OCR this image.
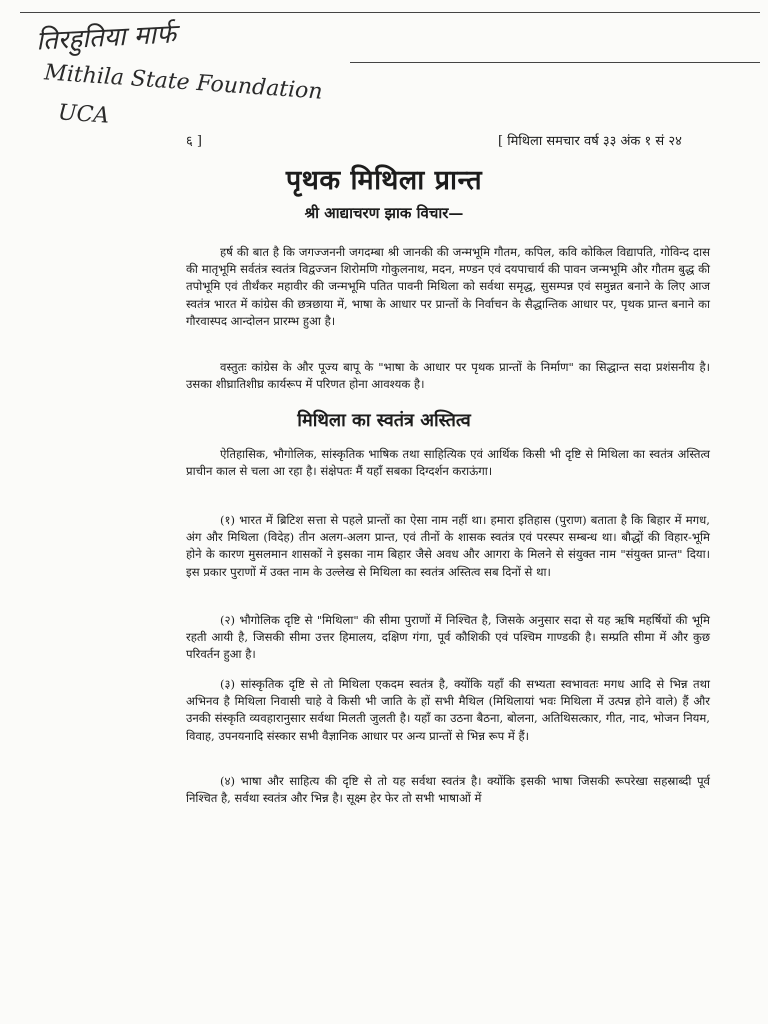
तिरहुतिया मार्फ
Mithila State Foundation
UCA
६ ]	[ मिथिला समचार वर्ष ३३ अंक १ सं २४
पृथक मिथिला प्रान्त
श्री आद्याचरण झाक विचार—

हर्ष की बात है कि जगज्जननी जगदम्बा श्री जानकी की जन्मभूमि गौतम, कपिल, कवि कोकिल विद्यापति, गोविन्द दास की मातृभूमि सर्वतंत्र स्वतंत्र विद्वज्जन शिरोमणि गोकुलनाथ, मदन, मण्डन एवं दयपाचार्य की पावन जन्मभूमि और गौतम बुद्ध की तपोभूमि एवं तीर्थंकर महावीर की जन्मभूमि पतित पावनी मिथिला को सर्वथा समृद्ध, सुसम्पन्न एवं समुन्नत बनाने के लिए आज स्वतंत्र भारत में कांग्रेस की छत्रछाया में, भाषा के आधार पर प्रान्तों के निर्वाचन के सैद्धान्तिक आधार पर, पृथक प्रान्त बनाने का गौरवास्पद आन्दोलन प्रारम्भ हुआ है।

वस्तुतः कांग्रेस के और पूज्य बापू के "भाषा के आधार पर पृथक प्रान्तों के निर्माण" का सिद्धान्त सदा प्रशंसनीय है। उसका शीघ्रातिशीघ्र कार्यरूप में परिणत होना आवश्यक है।

मिथिला का स्वतंत्र अस्तित्व

ऐतिहासिक, भौगोलिक, सांस्कृतिक भाषिक तथा साहित्यिक एवं आर्थिक किसी भी दृष्टि से मिथिला का स्वतंत्र अस्तित्व प्राचीन काल से चला आ रहा है। संक्षेपतः मैं यहाँ सबका दिग्दर्शन कराऊंगा।

(१) भारत में ब्रिटिश सत्ता से पहले प्रान्तों का ऐसा नाम नहीं था। हमारा इतिहास (पुराण) बताता है कि बिहार में मगध, अंग और मिथिला (विदेह) तीन अलग-अलग प्रान्त, एवं तीनों के शासक स्वतंत्र एवं परस्पर सम्बन्ध था। बौद्धों की विहार-भूमि होने के कारण मुसलमान शासकों ने इसका नाम बिहार जैसे अवध और आगरा के मिलने से संयुक्त नाम "संयुक्त प्रान्त" दिया। इस प्रकार पुराणों में उक्त नाम के उल्लेख से मिथिला का स्वतंत्र अस्तित्व सब दिनों से था।

(२) भौगोलिक दृष्टि से "मिथिला" की सीमा पुराणों में निश्चित है, जिसके अनुसार सदा से यह ऋषि महर्षियों की भूमि रहती आयी है, जिसकी सीमा उत्तर हिमालय, दक्षिण गंगा, पूर्व कौशिकी एवं पश्चिम गाण्डकी है। सम्प्रति सीमा में और कुछ परिवर्तन हुआ है।

(३) सांस्कृतिक दृष्टि से तो मिथिला एकदम स्वतंत्र है, क्योंकि यहाँ की सभ्यता स्वभावतः मगध आदि से भिन्न तथा अभिनव है मिथिला निवासी चाहे वे किसी भी जाति के हों सभी मैथिल (मिथिलायां भवः मिथिला में उत्पन्न होने वाले) हैं और उनकी संस्कृति व्यवहारानुसार सर्वथा मिलती जुलती है। यहाँ का उठना बैठना, बोलना, अतिथिसत्कार, गीत, नाद, भोजन नियम, विवाह, उपनयनादि संस्कार सभी वैज्ञानिक आधार पर अन्य प्रान्तों से भिन्न रूप में हैं।

(४) भाषा और साहित्य की दृष्टि से तो यह सर्वथा स्वतंत्र है। क्योंकि इसकी भाषा जिसकी रूपरेखा सहस्राब्दी पूर्व निश्चित है, सर्वथा स्वतंत्र और भिन्न है। सूक्ष्म हेर फेर तो सभी भाषाओं में
